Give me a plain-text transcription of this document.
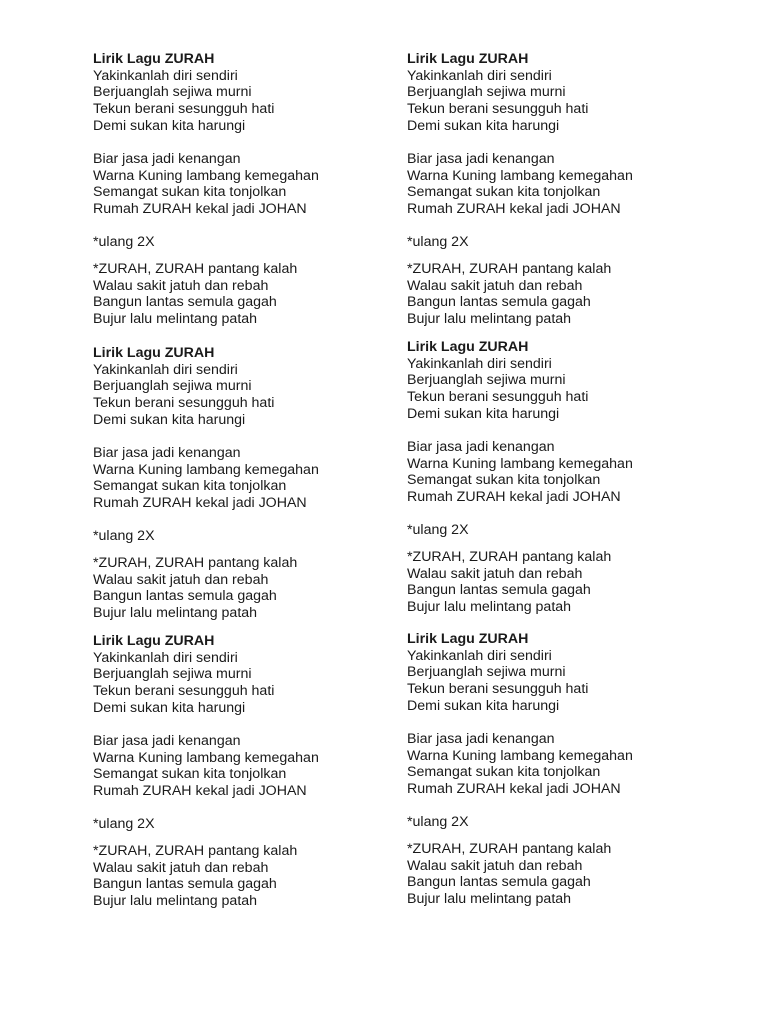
Lirik Lagu ZURAH
Yakinkanlah diri sendiri
Berjuanglah sejiwa murni
Tekun berani sesungguh hati
Demi sukan kita harungi
Biar jasa jadi kenangan
Warna Kuning lambang kemegahan
Semangat sukan kita tonjolkan
Rumah ZURAH kekal jadi JOHAN
*ulang 2X
*ZURAH, ZURAH pantang kalah
Walau sakit jatuh dan rebah
Bangun lantas semula gagah
Bujur lalu melintang patah
Lirik Lagu ZURAH
Yakinkanlah diri sendiri
Berjuanglah sejiwa murni
Tekun berani sesungguh hati
Demi sukan kita harungi
Biar jasa jadi kenangan
Warna Kuning lambang kemegahan
Semangat sukan kita tonjolkan
Rumah ZURAH kekal jadi JOHAN
*ulang 2X
*ZURAH, ZURAH pantang kalah
Walau sakit jatuh dan rebah
Bangun lantas semula gagah
Bujur lalu melintang patah
Lirik Lagu ZURAH
Yakinkanlah diri sendiri
Berjuanglah sejiwa murni
Tekun berani sesungguh hati
Demi sukan kita harungi
Biar jasa jadi kenangan
Warna Kuning lambang kemegahan
Semangat sukan kita tonjolkan
Rumah ZURAH kekal jadi JOHAN
*ulang 2X
*ZURAH, ZURAH pantang kalah
Walau sakit jatuh dan rebah
Bangun lantas semula gagah
Bujur lalu melintang patah
Lirik Lagu ZURAH
Yakinkanlah diri sendiri
Berjuanglah sejiwa murni
Tekun berani sesungguh hati
Demi sukan kita harungi
Biar jasa jadi kenangan
Warna Kuning lambang kemegahan
Semangat sukan kita tonjolkan
Rumah ZURAH kekal jadi JOHAN
*ulang 2X
*ZURAH, ZURAH pantang kalah
Walau sakit jatuh dan rebah
Bangun lantas semula gagah
Bujur lalu melintang patah
Lirik Lagu ZURAH
Yakinkanlah diri sendiri
Berjuanglah sejiwa murni
Tekun berani sesungguh hati
Demi sukan kita harungi
Biar jasa jadi kenangan
Warna Kuning lambang kemegahan
Semangat sukan kita tonjolkan
Rumah ZURAH kekal jadi JOHAN
*ulang 2X
*ZURAH, ZURAH pantang kalah
Walau sakit jatuh dan rebah
Bangun lantas semula gagah
Bujur lalu melintang patah
Lirik Lagu ZURAH
Yakinkanlah diri sendiri
Berjuanglah sejiwa murni
Tekun berani sesungguh hati
Demi sukan kita harungi
Biar jasa jadi kenangan
Warna Kuning lambang kemegahan
Semangat sukan kita tonjolkan
Rumah ZURAH kekal jadi JOHAN
*ulang 2X
*ZURAH, ZURAH pantang kalah
Walau sakit jatuh dan rebah
Bangun lantas semula gagah
Bujur lalu melintang patah
